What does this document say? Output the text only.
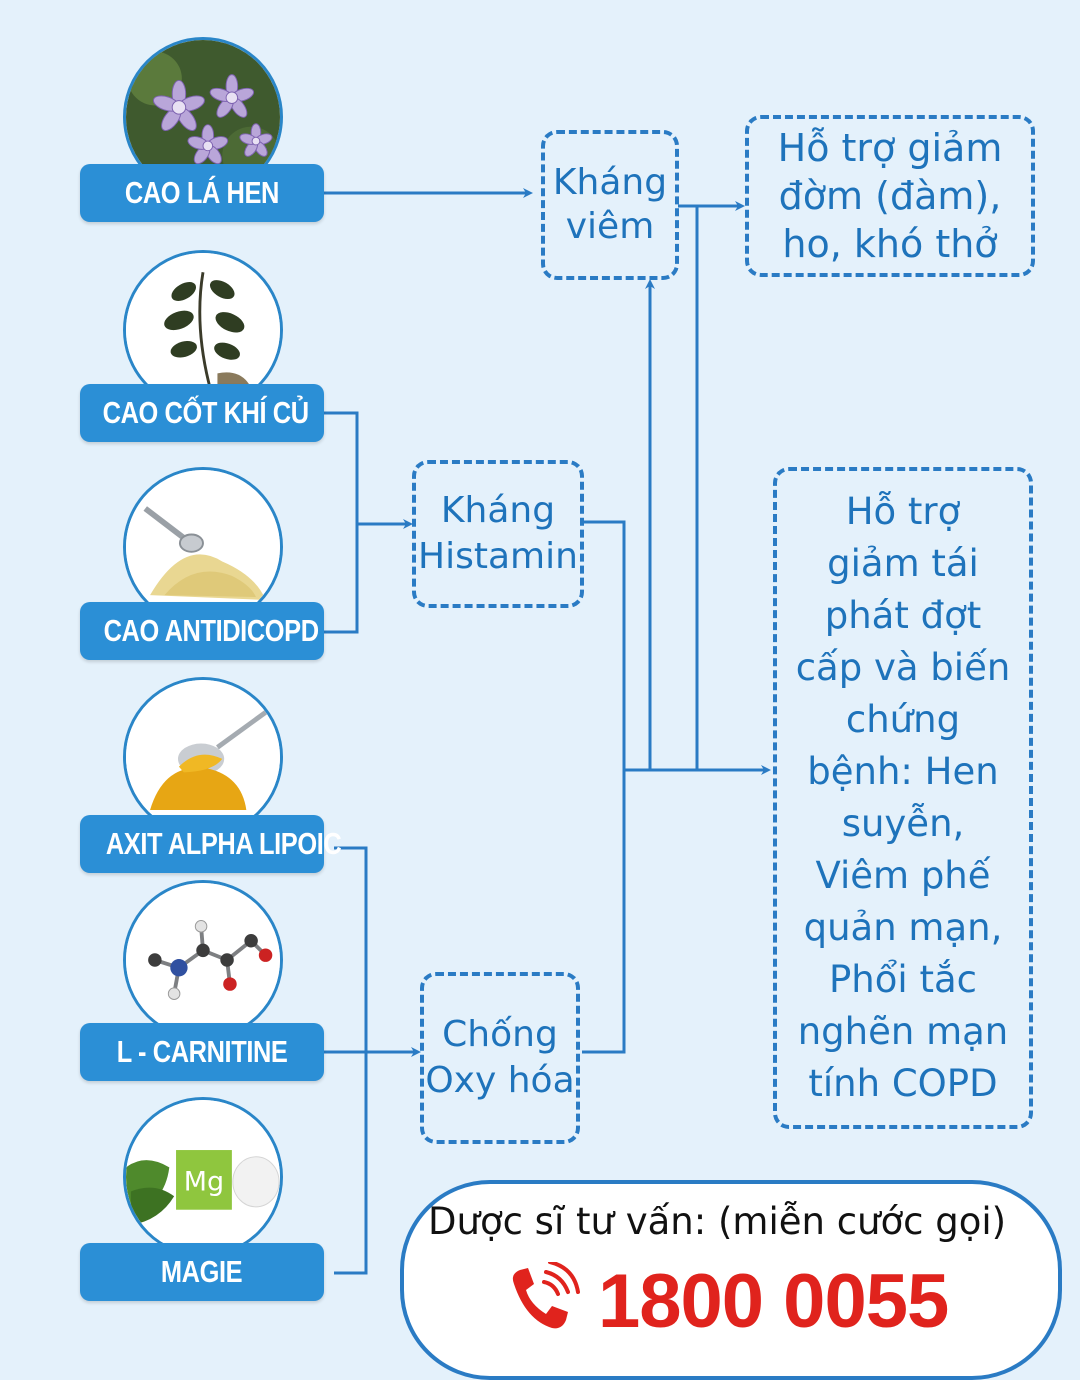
CAO LÁ HEN
CAO CỐT KHÍ CỦ
CAO ANTIDICOPD
AXIT ALPHA LIPOIC
L - CARNITINE
Mg
MAGIE
Kháng
viêm
Kháng
Histamin
Chống
Oxy hóa
Hỗ trợ giảm
đờm (đàm),
ho, khó thở
Hỗ trợ
giảm tái
phát đợt
cấp và biến
chứng
bệnh: Hen
suyễn,
Viêm phế
quản mạn,
Phổi tắc
nghẽn mạn
tính COPD
Dược sĩ tư vấn: (miễn cước gọi)
1800 0055
